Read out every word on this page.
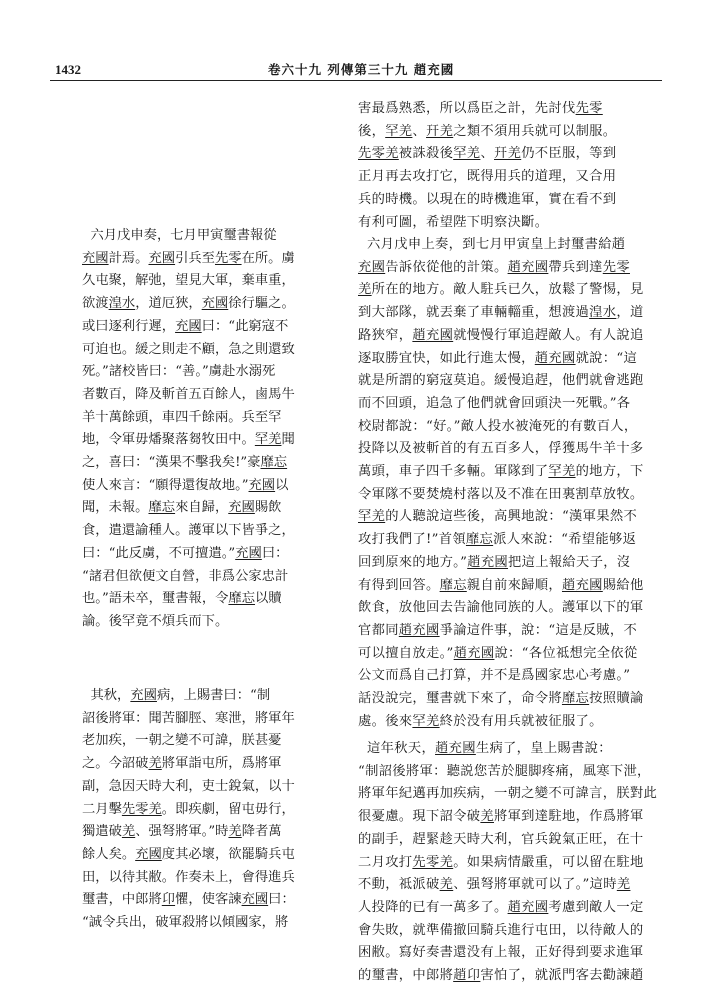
1432	卷六十九 列傳第三十九 趙充國
六月戊申奏，七月甲寅璽書報從
充國計焉。充國引兵至先零在所。虜
久屯聚，解弛，望見大軍，棄車重，
欲渡湟水，道厄狹，充國徐行驅之。
或曰逐利行遲，充國曰：“此窮寇不
可迫也。緩之則走不顧，急之則還致
死。”諸校皆曰：“善。”虜赴水溺死
者數百，降及斬首五百餘人，鹵馬牛
羊十萬餘頭，車四千餘兩。兵至罕
地，令軍毋燔聚落芻牧田中。罕羌聞
之，喜曰：“漢果不擊我矣!”豪靡忘
使人來言：“願得還復故地。”充國以
聞，未報。靡忘來自歸，充國賜飲
食，遣還諭種人。護軍以下皆爭之，
曰：“此反虜，不可擅遣。”充國曰：
“諸君但欲便文自營，非爲公家忠計
也。”語未卒，璽書報，令靡忘以贖
論。後罕竟不煩兵而下。
其秋，充國病，上賜書曰：“制
詔後將軍：聞苦腳脛、寒泄，將軍年
老加疾，一朝之變不可諱，朕甚憂
之。今詔破羌將軍詣屯所，爲將軍
副，急因天時大利，吏士銳氣，以十
二月擊先零羌。即疾劇，留屯毋行，
獨遣破羌、强弩將軍。”時羌降者萬
餘人矣。充國度其必壞，欲罷騎兵屯
田，以待其敝。作奏未上，會得進兵
璽書，中郎將卬懼，使客諫充國曰：
“誠令兵出，破軍殺將以傾國家，將
害最爲熟悉，所以爲臣之計，先討伐先零
後，罕羌、幵羌之類不須用兵就可以制服。
先零羌被誅殺後罕羌、幵羌仍不臣服，等到
正月再去攻打它，既得用兵的道理，又合用
兵的時機。以現在的時機進軍，實在看不到
有利可圖，希望陛下明察決斷。
六月戊申上奏，到七月甲寅皇上封璽書給趙
充國告訴依從他的計策。趙充國帶兵到達先零
羌所在的地方。敵人駐兵已久，放鬆了警惕，見
到大部隊，就丟棄了車輛輜重，想渡過湟水，道
路狹窄，趙充國就慢慢行軍追趕敵人。有人說追
逐取勝宜快，如此行進太慢，趙充國就說：“這
就是所謂的窮寇莫追。緩慢追趕，他們就會逃跑
而不回頭，追急了他們就會回頭決一死戰。”各
校尉都說：“好。”敵人投水被淹死的有數百人，
投降以及被斬首的有五百多人，俘獲馬牛羊十多
萬頭，車子四千多輛。軍隊到了罕羌的地方，下
令軍隊不要焚燒村落以及不准在田裏割草放牧。
罕羌的人聽說這些後，高興地說：“漢軍果然不
攻打我們了!”首領靡忘派人來說：“希望能够返
回到原來的地方。”趙充國把這上報給天子，沒
有得到回答。靡忘親自前來歸順，趙充國賜給他
飲食，放他回去告諭他同族的人。護軍以下的軍
官都同趙充國爭論這件事，說：“這是反賊，不
可以擅自放走。”趙充國說：“各位祗想完全依從
公文而爲自己打算，并不是爲國家忠心考慮。”
話没說完，璽書就下來了，命令將靡忘按照贖論
處。後來罕羌終於没有用兵就被征服了。
這年秋天，趙充國生病了，皇上賜書說：
“制詔後將軍：聽説您苦於腿脚疼痛，風寒下泄，
將軍年紀邁再加疾病，一朝之變不可諱言，朕對此
很憂慮。現下詔令破羌將軍到達駐地，作爲將軍
的副手，趕緊趁天時大利，官兵銳氣正旺，在十
二月攻打先零羌。如果病情嚴重，可以留在駐地
不動，祗派破羌、强弩將軍就可以了。”這時羌
人投降的已有一萬多了。趙充國考慮到敵人一定
會失敗，就準備撤回騎兵進行屯田，以待敵人的
困敝。寫好奏書還没有上報，正好得到要求進軍
的璽書，中郎將趙卬害怕了，就派門客去勸諫趙
